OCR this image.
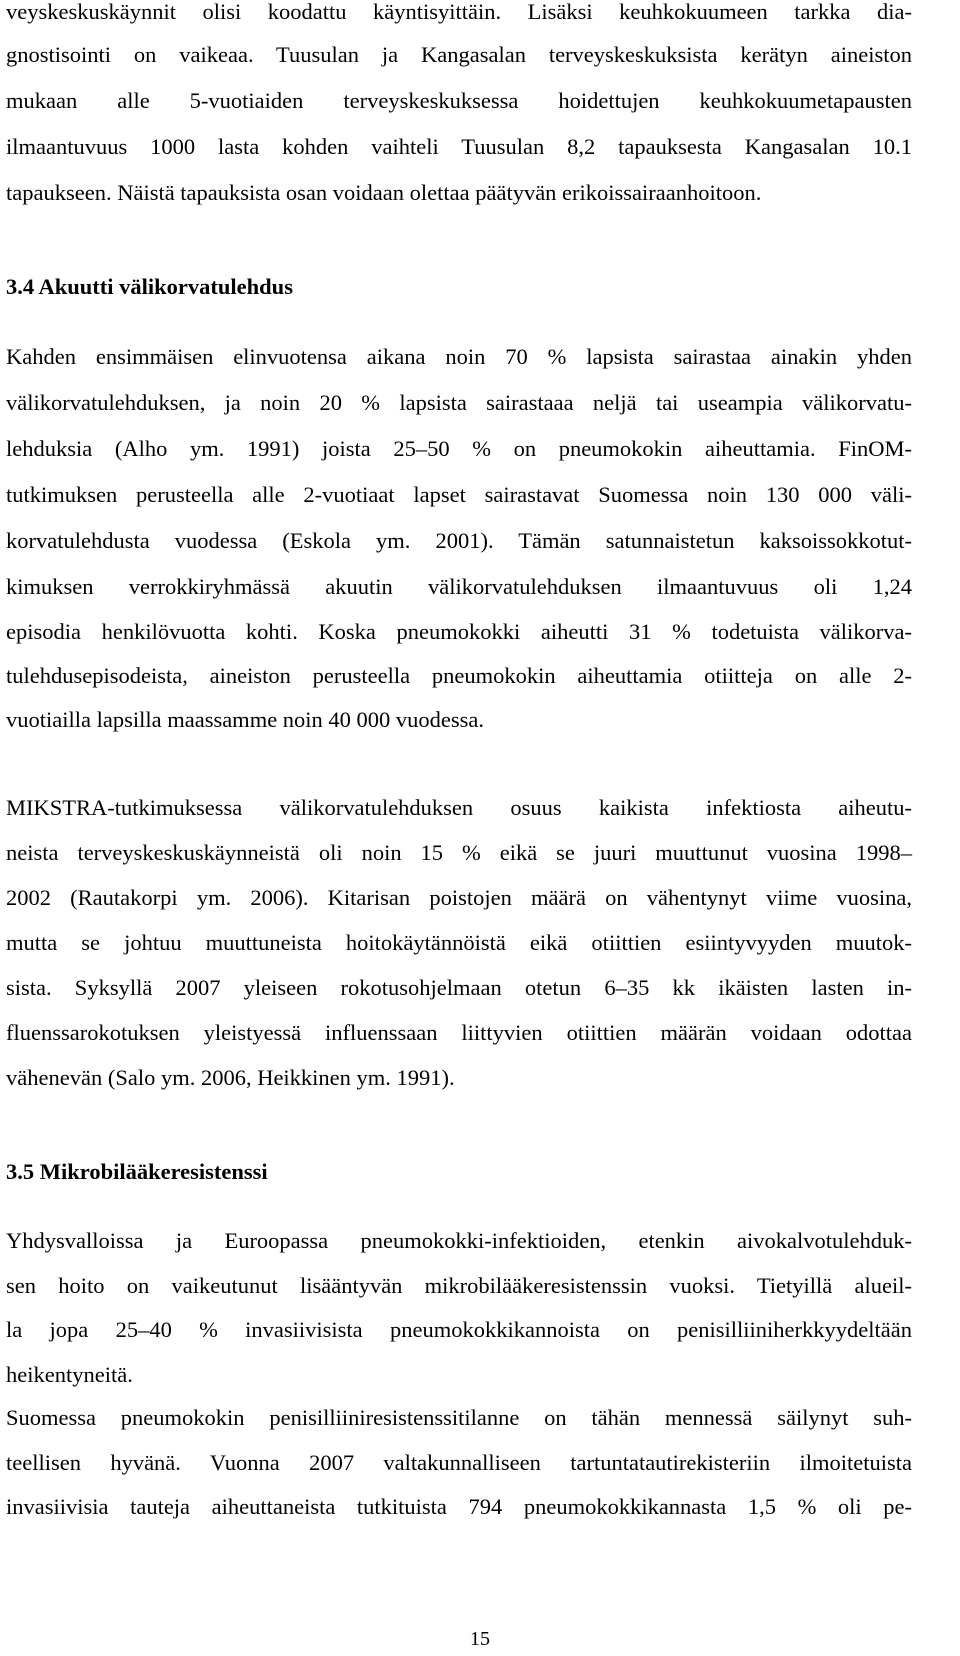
veyskeskuskäynnit olisi koodattu käyntisyittäin. Lisäksi keuhkokuumeen tarkka dia-
gnostisointi on vaikeaa. Tuusulan ja Kangasalan terveyskeskuksista kerätyn aineiston
mukaan alle 5-vuotiaiden terveyskeskuksessa hoidettujen keuhkokuumetapausten
ilmaantuvuus 1000 lasta kohden vaihteli Tuusulan 8,2 tapauksesta Kangasalan 10.1
tapaukseen. Näistä tapauksista osan voidaan olettaa päätyvän erikoissairaanhoitoon.
3.4 Akuutti välikorvatulehdus
Kahden ensimmäisen elinvuotensa aikana noin 70 % lapsista sairastaa ainakin yhden
välikorvatulehduksen, ja noin 20 % lapsista sairastaaa neljä tai useampia välikorvatu-
lehduksia (Alho ym. 1991) joista 25–50 % on pneumokokin aiheuttamia. FinOM-
tutkimuksen perusteella alle 2-vuotiaat lapset sairastavat Suomessa noin 130 000 väli-
korvatulehdusta vuodessa (Eskola ym. 2001). Tämän satunnaistetun kaksoissokkotut-
kimuksen verrokkiryhmässä akuutin välikorvatulehduksen ilmaantuvuus oli 1,24
episodia henkilövuotta kohti. Koska pneumokokki aiheutti 31 % todetuista välikorva-
tulehdusepisodeista, aineiston perusteella pneumokokin aiheuttamia otiitteja on alle 2-
vuotiailla lapsilla maassamme noin 40 000 vuodessa.
MIKSTRA-tutkimuksessa välikorvatulehduksen osuus kaikista infektiosta aiheutu-
neista terveyskeskuskäynneistä oli noin 15 % eikä se juuri muuttunut vuosina 1998–
2002 (Rautakorpi ym. 2006). Kitarisan poistojen määrä on vähentynyt viime vuosina,
mutta se johtuu muuttuneista hoitokäytännöistä eikä otiittien esiintyvyyden muutok-
sista. Syksyllä 2007 yleiseen rokotusohjelmaan otetun 6–35 kk ikäisten lasten in-
fluenssarokotuksen yleistyessä influenssaan liittyvien otiittien määrän voidaan odottaa
vähenevän (Salo ym. 2006, Heikkinen ym. 1991).
3.5 Mikrobilääkeresistenssi
Yhdysvalloissa ja Euroopassa pneumokokki-infektioiden, etenkin aivokalvotulehduk-
sen hoito on vaikeutunut lisääntyvän mikrobilääkeresistenssin vuoksi. Tietyillä alueil-
la jopa 25–40 % invasiivisista pneumokokkikannoista on penisilliiniherkkyydeltään
heikentyneitä.
Suomessa pneumokokin penisilliiniresistenssitilanne on tähän mennessä säilynyt suh-
teellisen hyvänä. Vuonna 2007 valtakunnalliseen tartuntatautirekisteriin ilmoitetuista
invasiivisia tauteja aiheuttaneista tutkituista 794 pneumokokkikannasta 1,5 % oli pe-
15
